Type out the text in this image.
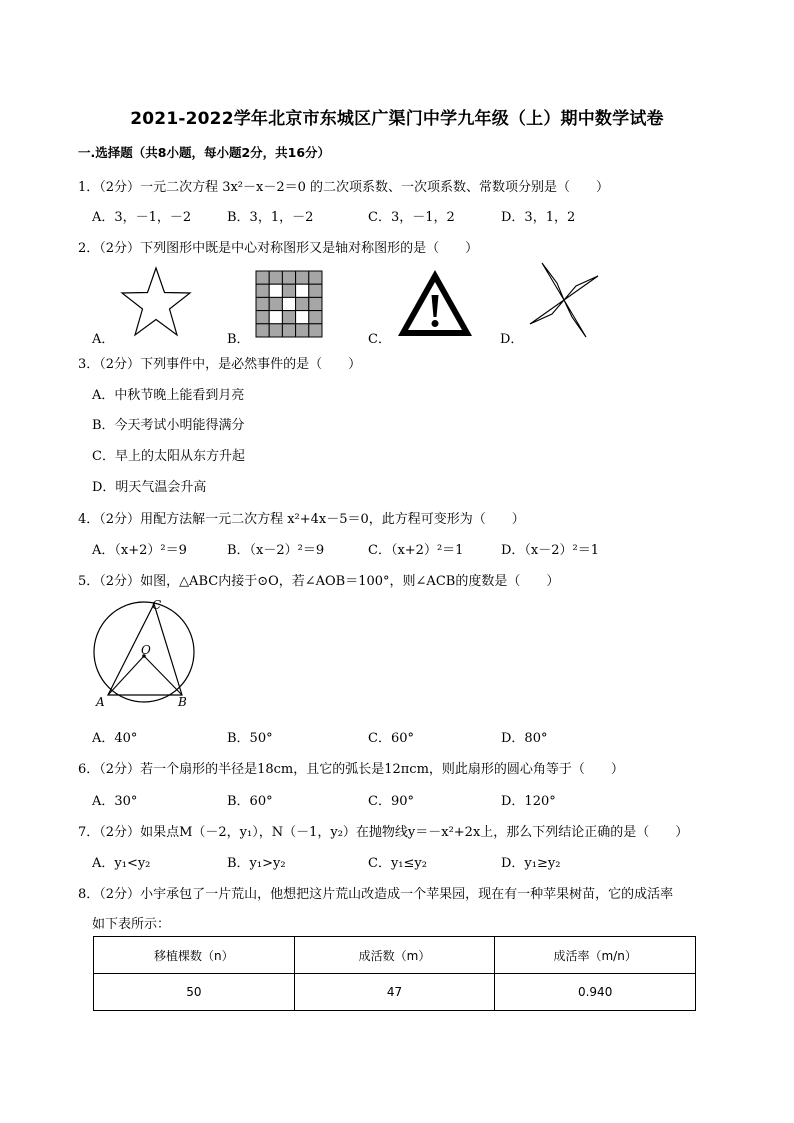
2021-2022学年北京市东城区广渠门中学九年级（上）期中数学试卷
一.选择题（共8小题，每小题2分，共16分）
1．（2分）一元二次方程 3x²－x－2＝0 的二次项系数、一次项系数、常数项分别是（　　）
A．3，－1，－2	B．3，1，－2	C．3，－1，2	D．3，1，2
2．（2分）下列图形中既是中心对称图形又是轴对称图形的是（　　）
A．	B．	C．	D．
3．（2分）下列事件中，是必然事件的是（　　）
A．中秋节晚上能看到月亮
B．今天考试小明能得满分
C．早上的太阳从东方升起
D．明天气温会升高
4．（2分）用配方法解一元二次方程 x²+4x－5＝0，此方程可变形为（　　）
A．（x+2）²＝9	B．（x－2）²＝9	C．（x+2）²＝1	D．（x－2）²＝1
5．（2分）如图，△ABC内接于⊙O，若∠AOB＝100°，则∠ACB的度数是（　　）
C
O
A	B
A．40°	B．50°	C．60°	D．80°
6．（2分）若一个扇形的半径是18cm，且它的弧长是12πcm，则此扇形的圆心角等于（　　）
A．30°	B．60°	C．90°	D．120°
7．（2分）如果点M（－2，y₁），N（－1，y₂）在抛物线y＝－x²+2x上，那么下列结论正确的是（　　）
A．y₁<y₂	B．y₁>y₂	C．y₁≤y₂	D．y₁≥y₂
8．（2分）小宇承包了一片荒山，他想把这片荒山改造成一个苹果园，现在有一种苹果树苗，它的成活率
如下表所示：
移植棵数（n）	成活数（m）	成活率（m/n）
50	47	0.940
